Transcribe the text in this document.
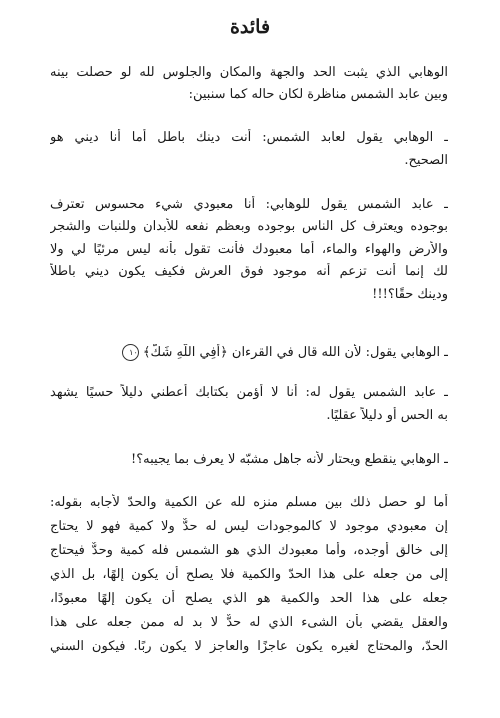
فائدة
الوهابي الذي يثبت الحد والجهة والمكان والجلوس لله لو حصلت بينه
وبين عابد الشمس مناظرة لكان حاله كما سنبين:
ـ الوهابي يقول لعابد الشمس: أنت دينك باطل أما أنا ديني هو
الصحيح.
ـ عابد الشمس يقول للوهابي: أنا معبودي شيء محسوس تعترف
بوجوده ويعترف كل الناس بوجوده وبعظم نفعه للأبدان وللنبات والشجر
والأرض والهواء والماء، أما معبودك فأنت تقول بأنه ليس مرئيًا لي ولا
لك إنما أنت تزعم أنه موجود فوق العرش فكيف يكون ديني باطلاً
ودينك حقًا؟!!!
ـ الوهابي يقول: لأن الله قال في القرءان ﴿أَفِي اللَّهِ شَكٌّ﴾ ١٠
ـ عابد الشمس يقول له: أنا لا أؤمن بكتابك أعطني دليلاً حسيًا يشهد
به الحس أو دليلاً عقليًا.
ـ الوهابي ينقطع ويحتار لأنه جاهل مشبّه لا يعرف بما يجيبه؟!
أما لو حصل ذلك بين مسلم منزه لله عن الكمية والحدّ لأجابه بقوله:
إن معبودي موجود لا كالموجودات ليس له حدٌّ ولا كمية فهو لا يحتاج
إلى خالق أوجده، وأما معبودك الذي هو الشمس فله كمية وحدٌّ فيحتاج
إلى من جعله على هذا الحدّ والكمية فلا يصلح أن يكون إلهًا، بل الذي
جعله على هذا الحد والكمية هو الذي يصلح أن يكون إلهًا معبودًا،
والعقل يقضي بأن الشىء الذي له حدٌّ لا بد له ممن جعله على هذا
الحدّ، والمحتاج لغيره يكون عاجزًا والعاجز لا يكون ربًا. فيكون السني
